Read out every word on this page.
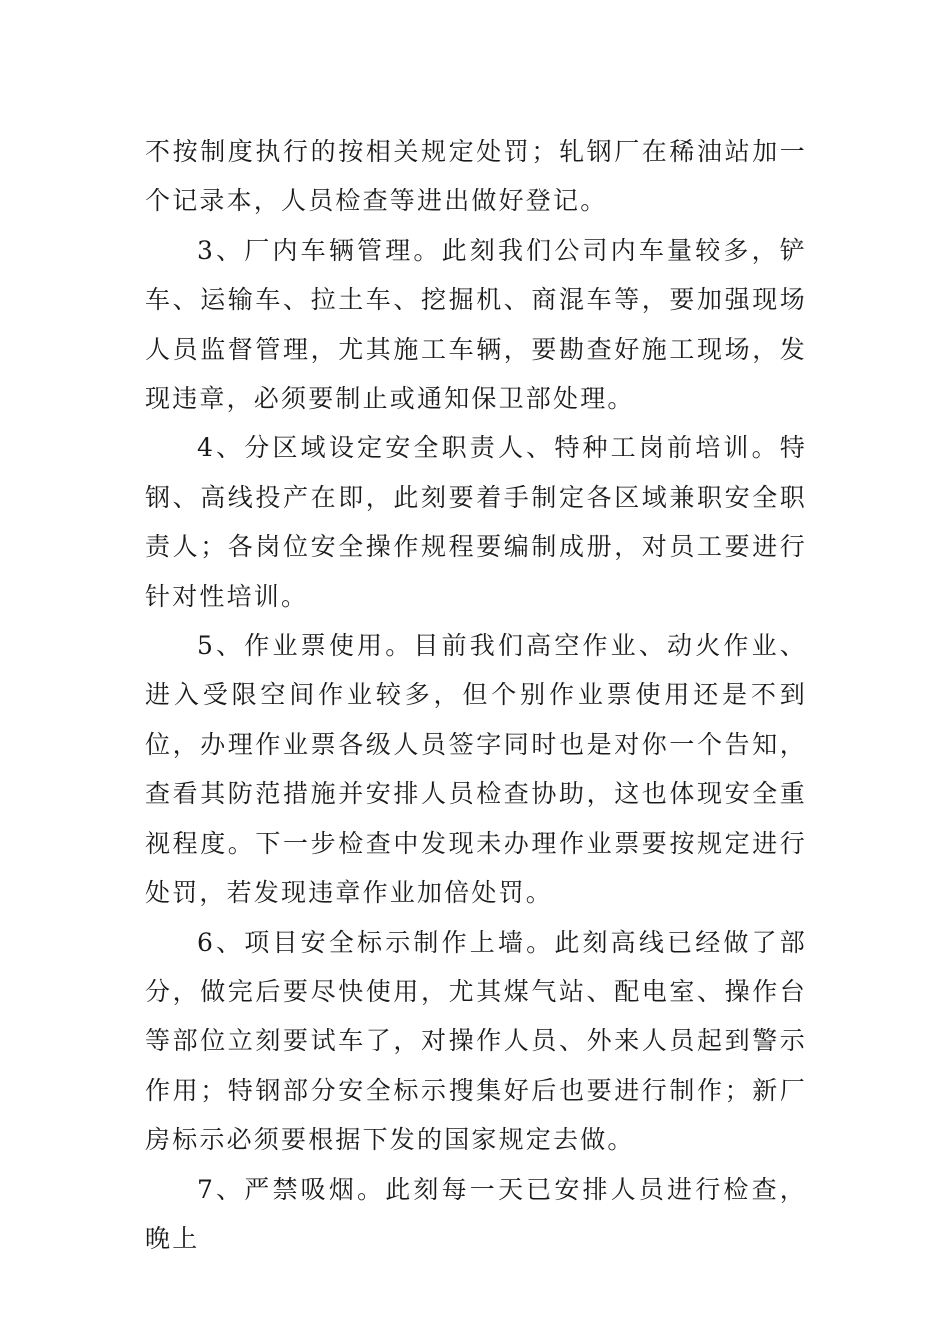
不按制度执行的按相关规定处罚；轧钢厂在稀油站加一个记录本，人员检查等进出做好登记。

3、厂内车辆管理。此刻我们公司内车量较多，铲车、运输车、拉土车、挖掘机、商混车等，要加强现场人员监督管理，尤其施工车辆，要勘查好施工现场，发现违章，必须要制止或通知保卫部处理。

4、分区域设定安全职责人、特种工岗前培训。特钢、高线投产在即，此刻要着手制定各区域兼职安全职责人；各岗位安全操作规程要编制成册，对员工要进行针对性培训。

5、作业票使用。目前我们高空作业、动火作业、进入受限空间作业较多，但个别作业票使用还是不到位，办理作业票各级人员签字同时也是对你一个告知，查看其防范措施并安排人员检查协助，这也体现安全重视程度。下一步检查中发现未办理作业票要按规定进行处罚，若发现违章作业加倍处罚。

6、项目安全标示制作上墙。此刻高线已经做了部分，做完后要尽快使用，尤其煤气站、配电室、操作台等部位立刻要试车了，对操作人员、外来人员起到警示作用；特钢部分安全标示搜集好后也要进行制作；新厂房标示必须要根据下发的国家规定去做。

7、严禁吸烟。此刻每一天已安排人员进行检查，晚上
